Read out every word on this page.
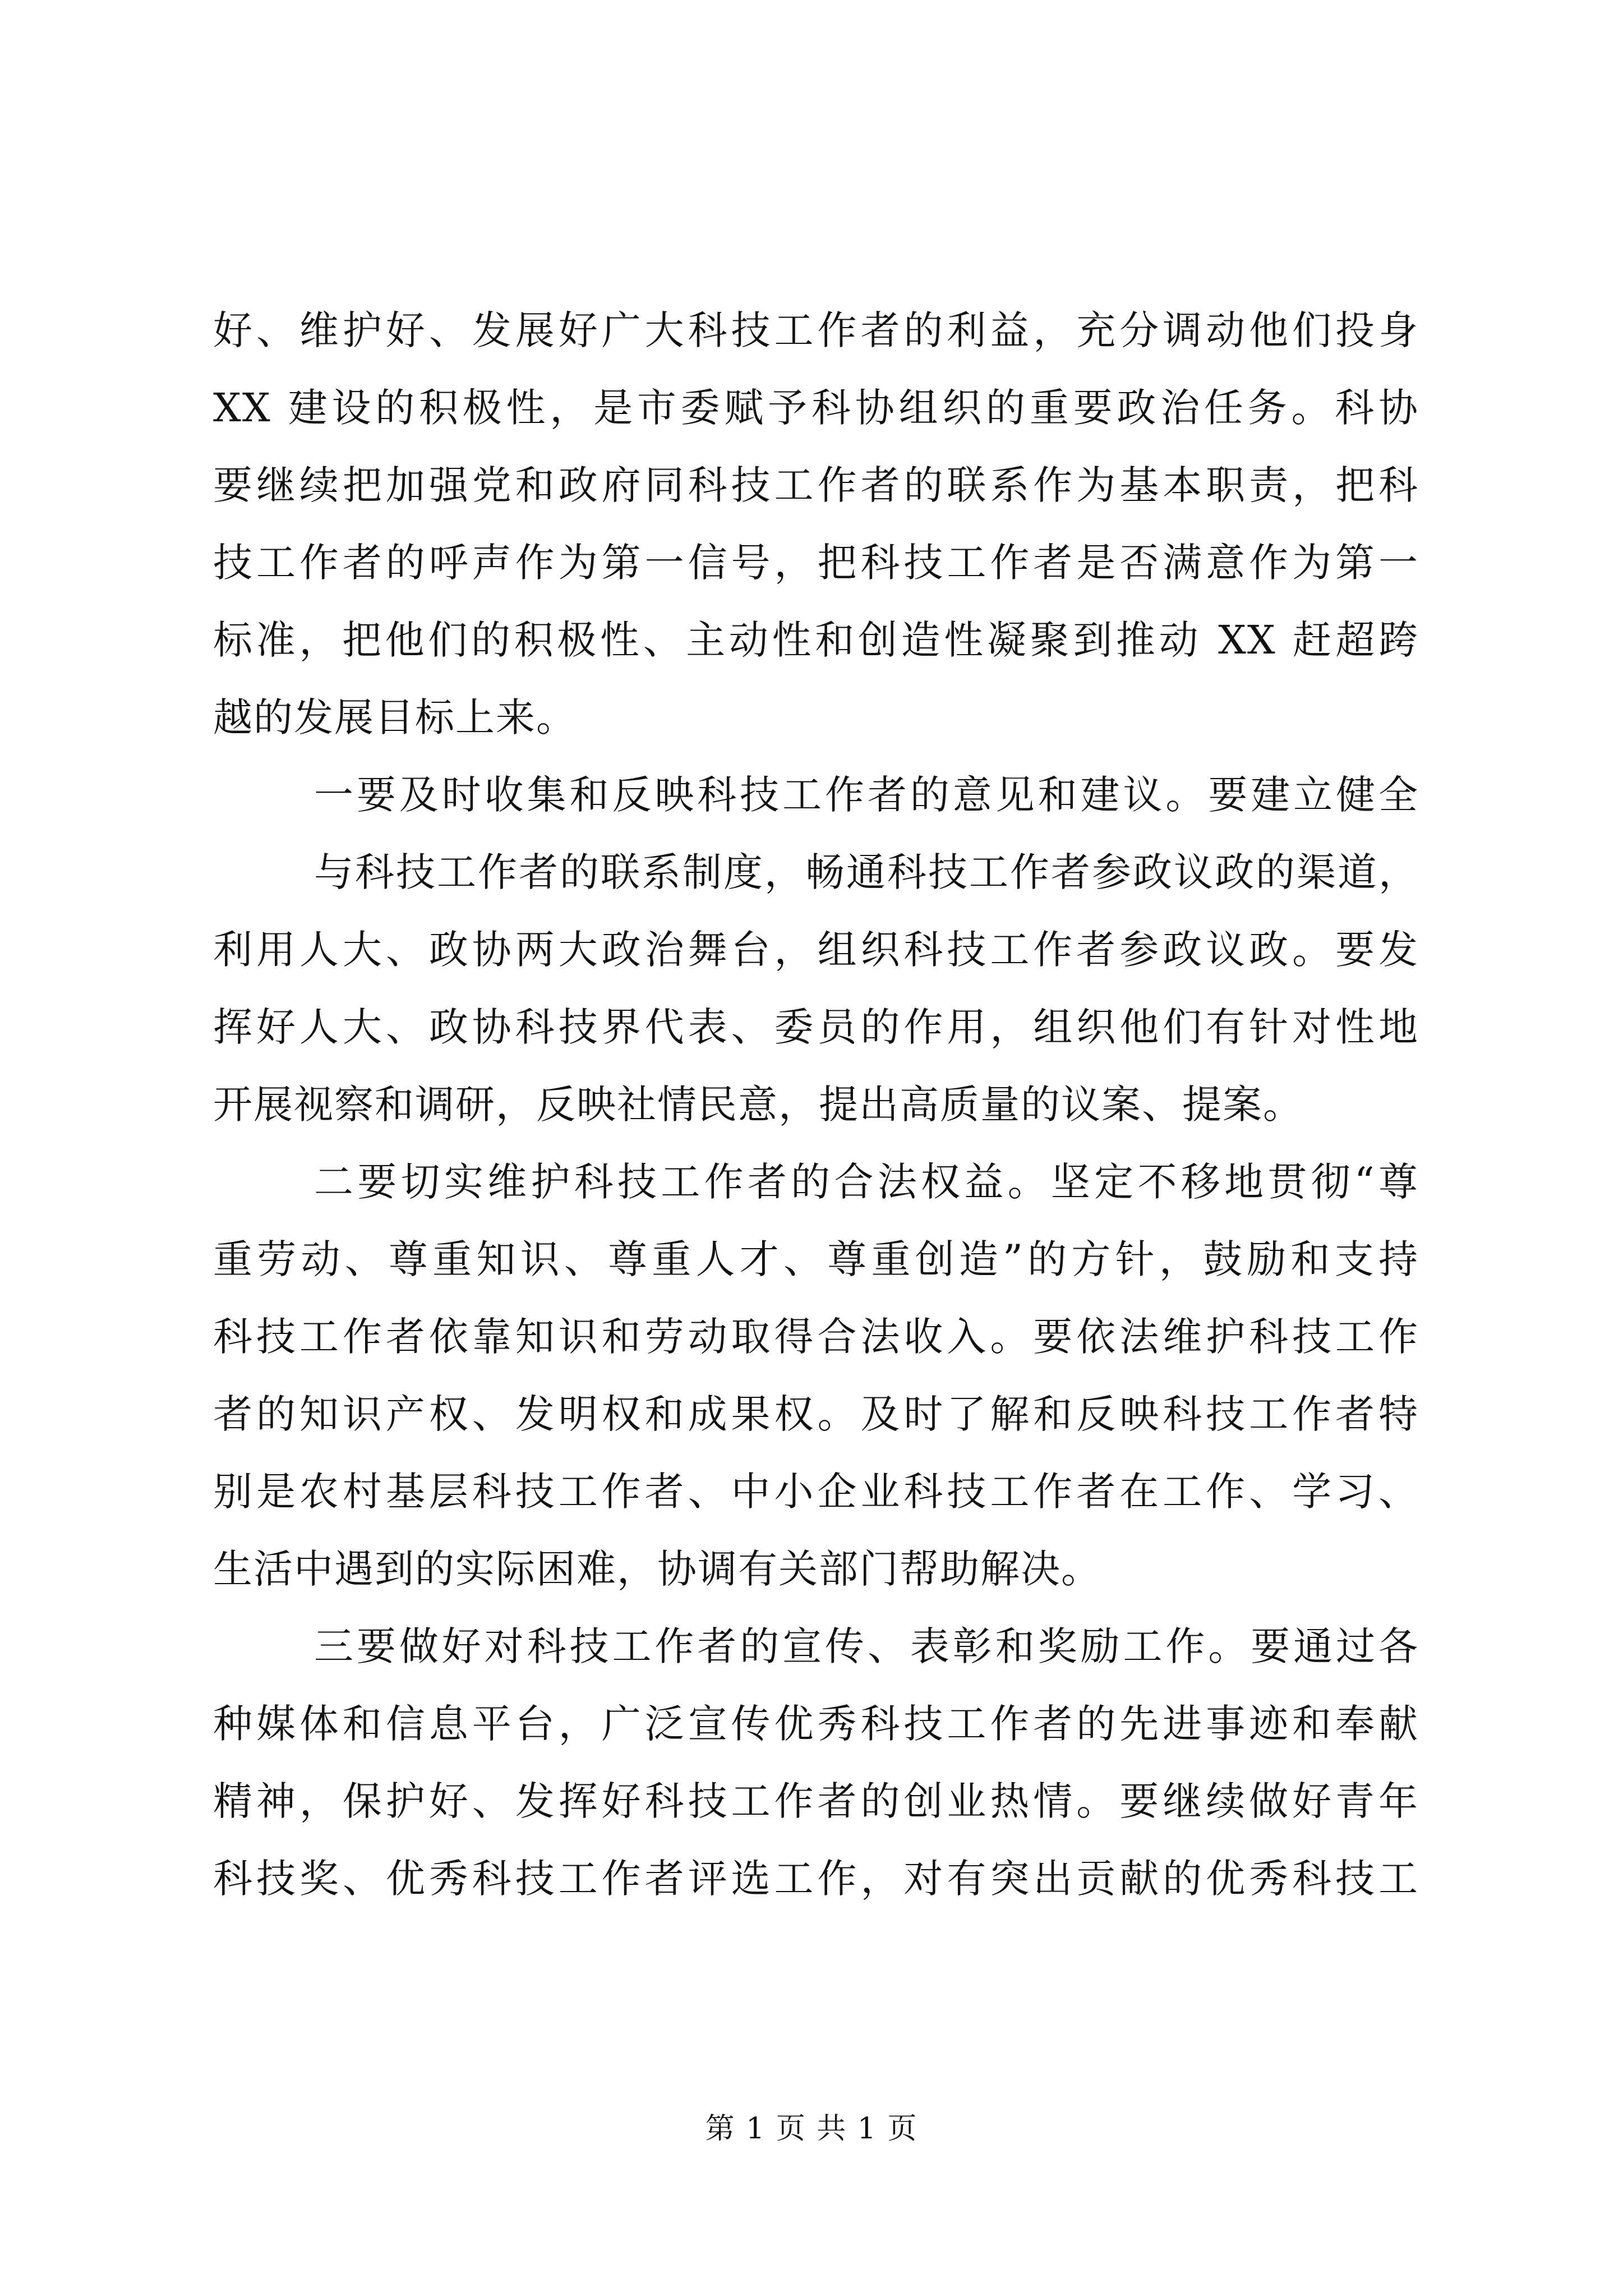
好、维护好、发展好广大科技工作者的利益，充分调动他们投身
XX 建设的积极性，是市委赋予科协组织的重要政治任务。科协
要继续把加强党和政府同科技工作者的联系作为基本职责，把科
技工作者的呼声作为第一信号，把科技工作者是否满意作为第一
标准，把他们的积极性、主动性和创造性凝聚到推动 XX 赶超跨
越的发展目标上来。
一要及时收集和反映科技工作者的意见和建议。要建立健全
与科技工作者的联系制度，畅通科技工作者参政议政的渠道，
利用人大、政协两大政治舞台，组织科技工作者参政议政。要发
挥好人大、政协科技界代表、委员的作用，组织他们有针对性地
开展视察和调研，反映社情民意，提出高质量的议案、提案。
二要切实维护科技工作者的合法权益。坚定不移地贯彻“尊
重劳动、尊重知识、尊重人才、尊重创造”的方针，鼓励和支持
科技工作者依靠知识和劳动取得合法收入。要依法维护科技工作
者的知识产权、发明权和成果权。及时了解和反映科技工作者特
别是农村基层科技工作者、中小企业科技工作者在工作、学习、
生活中遇到的实际困难，协调有关部门帮助解决。
三要做好对科技工作者的宣传、表彰和奖励工作。要通过各
种媒体和信息平台，广泛宣传优秀科技工作者的先进事迹和奉献
精神，保护好、发挥好科技工作者的创业热情。要继续做好青年
科技奖、优秀科技工作者评选工作，对有突出贡献的优秀科技工
第 1 页 共 1 页
